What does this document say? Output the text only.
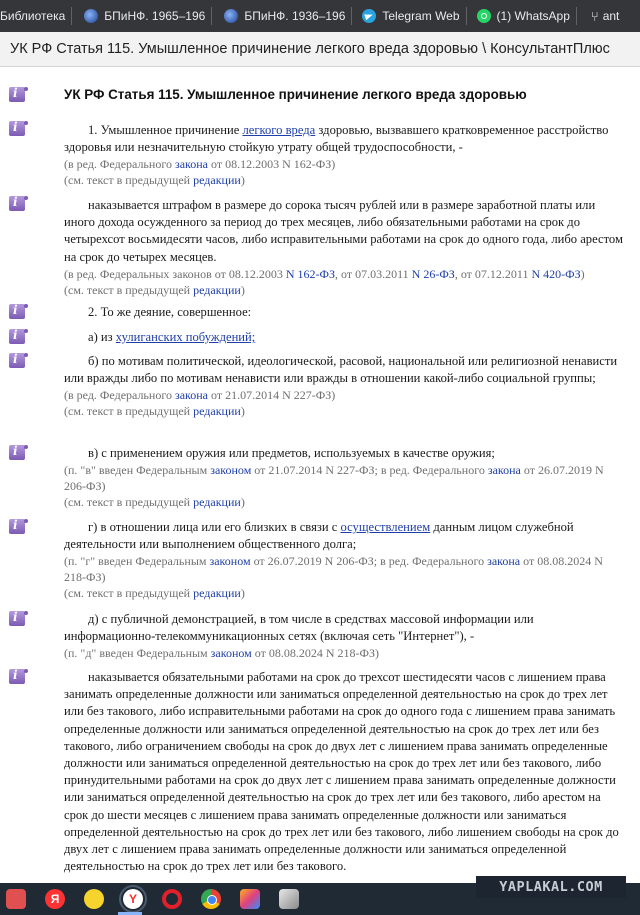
Библиотека	БПиНФ. 1965–196	БПиНФ. 1936–196	Telegram Web	(1) WhatsApp ⑂ ant
УК РФ Статья 115. Умышленное причинение легкого вреда здоровью \ КонсультантПлюс
i
УК РФ Статья 115. Умышленное причинение легкого вреда здоровью
i

1. Умышленное причинение легкого вреда здоровью, вызвавшего кратковременное расстройство здоровья или незначительную стойкую утрату общей трудоспособности, -

(в ред. Федерального закона от 08.12.2003 N 162-ФЗ)

(см. текст в предыдущей редакции)

i

наказывается штрафом в размере до сорока тысяч рублей или в размере заработной платы или иного дохода осужденного за период до трех месяцев, либо обязательными работами на срок до четырехсот восьмидесяти часов, либо исправительными работами на срок до одного года, либо арестом на срок до четырех месяцев.

(в ред. Федеральных законов от 08.12.2003 N 162-ФЗ, от 07.03.2011 N 26-ФЗ, от 07.12.2011 N 420-ФЗ)

(см. текст в предыдущей редакции)

i

2. То же деяние, совершенное:

i

а) из хулиганских побуждений;

i

б) по мотивам политической, идеологической, расовой, национальной или религиозной ненависти или вражды либо по мотивам ненависти или вражды в отношении какой-либо социальной группы;

(в ред. Федерального закона от 21.07.2014 N 227-ФЗ)

(см. текст в предыдущей редакции)

i

в) с применением оружия или предметов, используемых в качестве оружия;

(п. "в" введен Федеральным законом от 21.07.2014 N 227-ФЗ; в ред. Федерального закона от 26.07.2019 N 206-ФЗ)

(см. текст в предыдущей редакции)

i

г) в отношении лица или его близких в связи с осуществлением данным лицом служебной деятельности или выполнением общественного долга;

(п. "г" введен Федеральным законом от 26.07.2019 N 206-ФЗ; в ред. Федерального закона от 08.08.2024 N 218-ФЗ)

(см. текст в предыдущей редакции)

i

д) с публичной демонстрацией, в том числе в средствах массовой информации или информационно-телекоммуникационных сетях (включая сеть "Интернет"), -

(п. "д" введен Федеральным законом от 08.08.2024 N 218-ФЗ)

i

наказывается обязательными работами на срок до трехсот шестидесяти часов с лишением права занимать определенные должности или заниматься определенной деятельностью на срок до трех лет или без такового, либо исправительными работами на срок до одного года с лишением права занимать определенные должности или заниматься определенной деятельностью на срок до трех лет или без такового, либо ограничением свободы на срок до двух лет с лишением права занимать определенные должности или заниматься определенной деятельностью на срок до трех лет или без такового, либо принудительными работами на срок до двух лет с лишением права занимать определенные должности или заниматься определенной деятельностью на срок до трех лет или без такового, либо арестом на срок до шести месяцев с лишением права занимать определенные должности или заниматься определенной деятельностью на срок до трех лет или без такового, либо лишением свободы на срок до двух лет с лишением права занимать определенные должности или заниматься определенной деятельностью на срок до трех лет или без такового.

Я	Y
YAPLAKAL.COM
